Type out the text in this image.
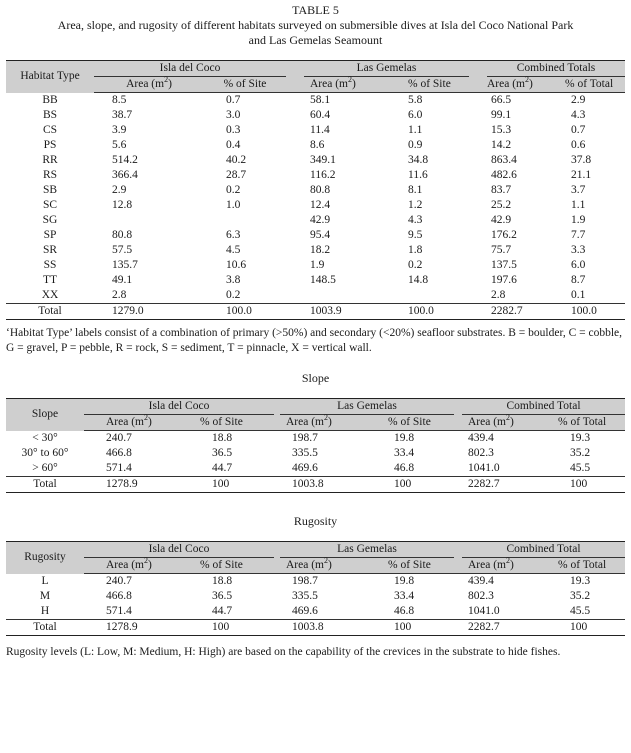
TABLE 5
Area, slope, and rugosity of different habitats surveyed on submersible dives at Isla del Coco National Park
and Las Gemelas Seamount
Habitat Type	Isla del Coco			Las Gemelas			Combined Totals	
	Area $(m^2)$	% of Site		Area $(m^2)$	% of Site		Area $(m^2)$	% of Total
BB	8.5	0.7		58.1	5.8		66.5	2.9
BS	38.7	3.0		60.4	6.0		99.1	4.3
CS	3.9	0.3		11.4	1.1		15.3	0.7
PS	5.6	0.4		8.6	0.9		14.2	0.6
RR	514.2	40.2		349.1	34.8		863.4	37.8
RS	366.4	28.7		116.2	11.6		482.6	21.1
SB	2.9	0.2		80.8	8.1		83.7	3.7
SC	12.8	1.0		12.4	1.2		25.2	1.1
SG				42.9	4.3		42.9	1.9
SP	80.8	6.3		95.4	9.5		176.2	7.7
SR	57.5	4.5		18.2	1.8		75.7	3.3
SS	135.7	10.6		1.9	0.2		137.5	6.0
TT	49.1	3.8		148.5	14.8		197.6	8.7
XX	2.8	0.2					2.8	0.1
Total	1279.0	100.0		1003.9	100.0		2282.7	100.0
‘Habitat Type’ labels consist of a combination of primary (>50%) and secondary (<20%) seafloor substrates. B = boulder, C = cobble, G = gravel, P = pebble, R = rock, S = sediment, T = pinnacle, X = vertical wall.
Slope
Slope	Isla del Coco			Las Gemelas			Combined Total	
	Area $(m^2)$	% of Site		Area $(m^2)$	% of Site		Area $(m^2)$	% of Total
< 30°	240.7	18.8		198.7	19.8		439.4	19.3
30° to 60°	466.8	36.5		335.5	33.4		802.3	35.2
> 60°	571.4	44.7		469.6	46.8		1041.0	45.5
Total	1278.9	100		1003.8	100		2282.7	100
Rugosity
Rugosity	Isla del Coco			Las Gemelas			Combined Total	
	Area $(m^2)$	% of Site		Area $(m^2)$	% of Site		Area $(m^2)$	% of Total
L	240.7	18.8		198.7	19.8		439.4	19.3
M	466.8	36.5		335.5	33.4		802.3	35.2
H	571.4	44.7		469.6	46.8		1041.0	45.5
Total	1278.9	100		1003.8	100		2282.7	100
Rugosity levels (L: Low, M: Medium, H: High) are based on the capability of the crevices in the substrate to hide fishes.
